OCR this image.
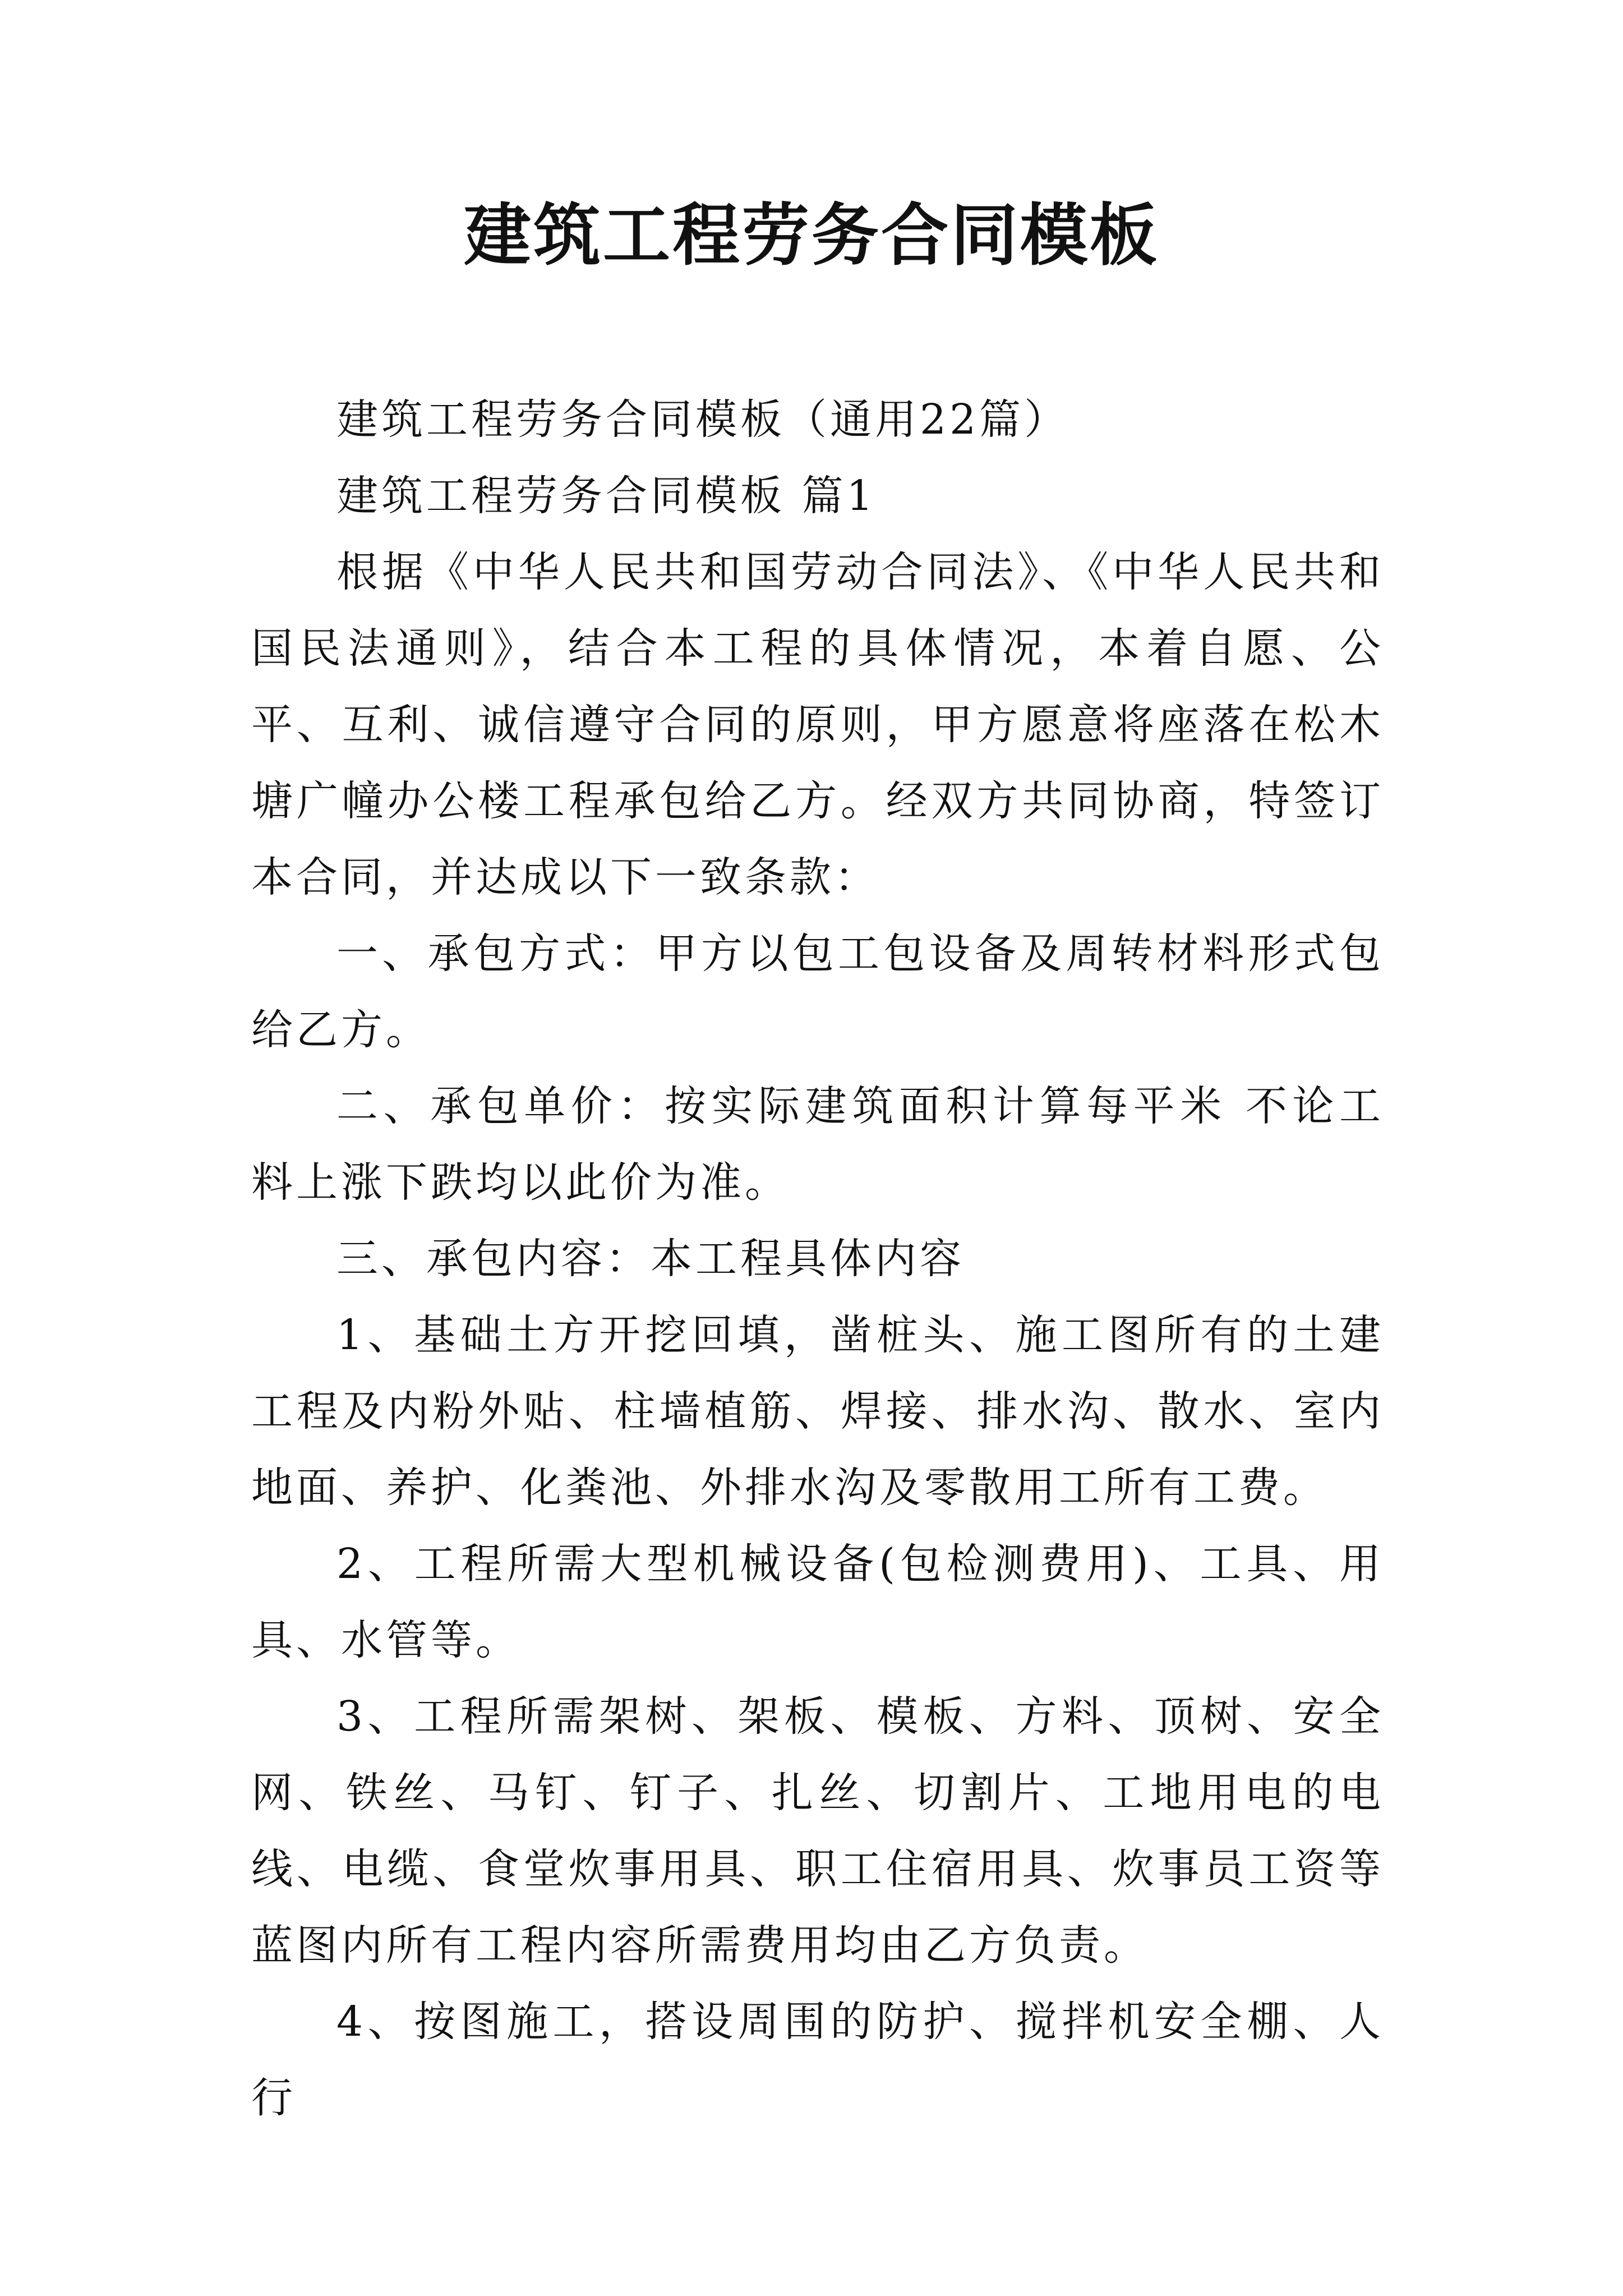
建筑工程劳务合同模板

建筑工程劳务合同模板（通用22篇）

建筑工程劳务合同模板 篇1

根据《中华人民共和国劳动合同法》、《中华人民共和国民法通则》，结合本工程的具体情况，本着自愿、公平、互利、诚信遵守合同的原则，甲方愿意将座落在松木塘广幢办公楼工程承包给乙方。经双方共同协商，特签订本合同，并达成以下一致条款：

一、承包方式：甲方以包工包设备及周转材料形式包给乙方。

二、承包单价：按实际建筑面积计算每平米 不论工料上涨下跌均以此价为准。

三、承包内容：本工程具体内容

1、基础土方开挖回填，凿桩头、施工图所有的土建工程及内粉外贴、柱墙植筋、焊接、排水沟、散水、室内地面、养护、化粪池、外排水沟及零散用工所有工费。

2、工程所需大型机械设备(包检测费用)、工具、用具、水管等。

3、工程所需架树、架板、模板、方料、顶树、安全网、铁丝、马钉、钉子、扎丝、切割片、工地用电的电线、电缆、食堂炊事用具、职工住宿用具、炊事员工资等蓝图内所有工程内容所需费用均由乙方负责。

4、按图施工，搭设周围的防护、搅拌机安全棚、人行
